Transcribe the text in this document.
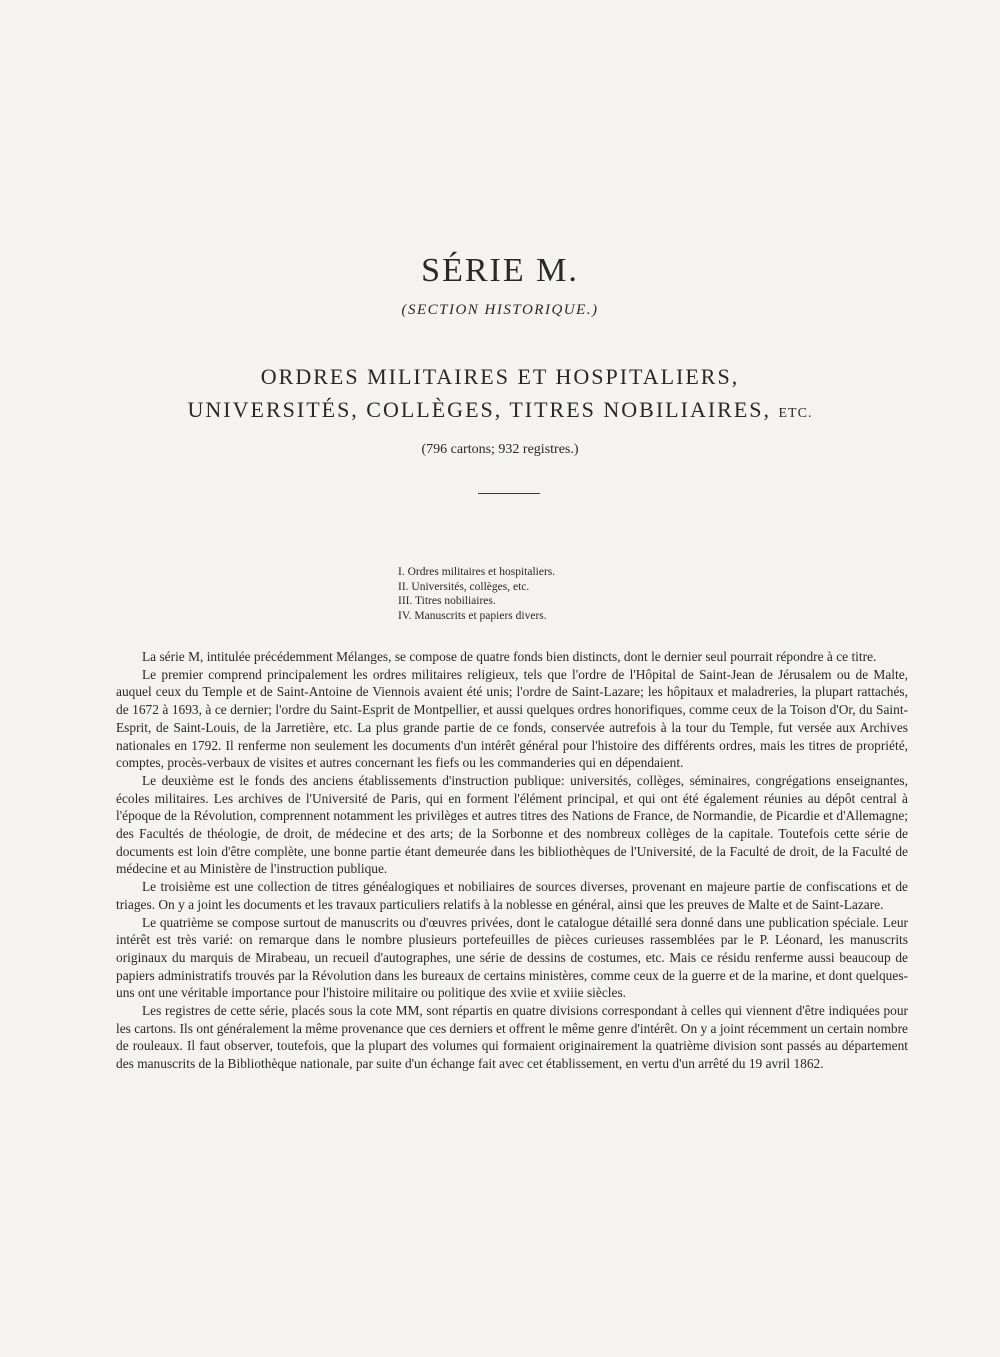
SÉRIE M.
(SECTION HISTORIQUE.)
ORDRES MILITAIRES ET HOSPITALIERS,
UNIVERSITÉS, COLLÈGES, TITRES NOBILIAIRES, ETC.
(796 cartons; 932 registres.)
I. Ordres militaires et hospitaliers.
II. Universités, collèges, etc.
III. Titres nobiliaires.
IV. Manuscrits et papiers divers.

La série M, intitulée précédemment Mélanges, se compose de quatre fonds bien distincts, dont le dernier seul pourrait répondre à ce titre.

Le premier comprend principalement les ordres militaires religieux, tels que l'ordre de l'Hôpital de Saint-Jean de Jérusalem ou de Malte, auquel ceux du Temple et de Saint-Antoine de Viennois avaient été unis; l'ordre de Saint-Lazare; les hôpitaux et maladreries, la plupart rattachés, de 1672 à 1693, à ce dernier; l'ordre du Saint-Esprit de Montpellier, et aussi quelques ordres honorifiques, comme ceux de la Toison d'Or, du Saint-Esprit, de Saint-Louis, de la Jarretière, etc. La plus grande partie de ce fonds, conservée autrefois à la tour du Temple, fut versée aux Archives nationales en 1792. Il renferme non seulement les documents d'un intérêt général pour l'histoire des différents ordres, mais les titres de propriété, comptes, procès-verbaux de visites et autres concernant les fiefs ou les commanderies qui en dépendaient.

Le deuxième est le fonds des anciens établissements d'instruction publique: universités, collèges, séminaires, congrégations enseignantes, écoles militaires. Les archives de l'Université de Paris, qui en forment l'élément principal, et qui ont été également réunies au dépôt central à l'époque de la Révolution, comprennent notamment les privilèges et autres titres des Nations de France, de Normandie, de Picardie et d'Allemagne; des Facultés de théologie, de droit, de médecine et des arts; de la Sorbonne et des nombreux collèges de la capitale. Toutefois cette série de documents est loin d'être complète, une bonne partie étant demeurée dans les bibliothèques de l'Université, de la Faculté de droit, de la Faculté de médecine et au Ministère de l'instruction publique.

Le troisième est une collection de titres généalogiques et nobiliaires de sources diverses, provenant en majeure partie de confiscations et de triages. On y a joint les documents et les travaux particuliers relatifs à la noblesse en général, ainsi que les preuves de Malte et de Saint-Lazare.

Le quatrième se compose surtout de manuscrits ou d'œuvres privées, dont le catalogue détaillé sera donné dans une publication spéciale. Leur intérêt est très varié: on remarque dans le nombre plusieurs portefeuilles de pièces curieuses rassemblées par le P. Léonard, les manuscrits originaux du marquis de Mirabeau, un recueil d'autographes, une série de dessins de costumes, etc. Mais ce résidu renferme aussi beaucoup de papiers administratifs trouvés par la Révolution dans les bureaux de certains ministères, comme ceux de la guerre et de la marine, et dont quelques-uns ont une véritable importance pour l'histoire militaire ou politique des xviie et xviiie siècles.

Les registres de cette série, placés sous la cote MM, sont répartis en quatre divisions correspondant à celles qui viennent d'être indiquées pour les cartons. Ils ont généralement la même provenance que ces derniers et offrent le même genre d'intérêt. On y a joint récemment un certain nombre de rouleaux. Il faut observer, toutefois, que la plupart des volumes qui formaient originairement la quatrième division sont passés au département des manuscrits de la Bibliothèque nationale, par suite d'un échange fait avec cet établissement, en vertu d'un arrêté du 19 avril 1862.
